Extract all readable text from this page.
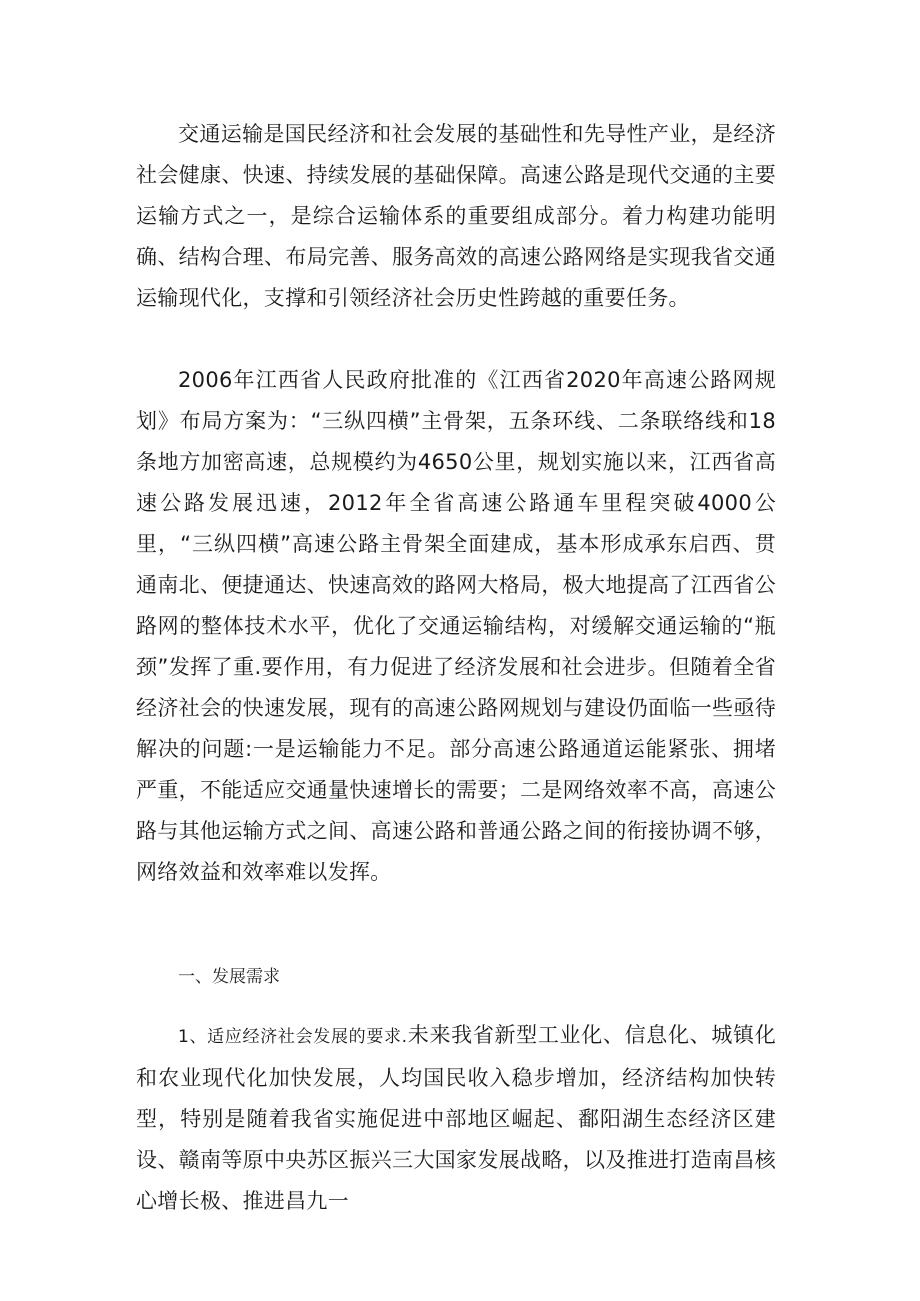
交通运输是国民经济和社会发展的基础性和先导性产业，是经济社会健康、快速、持续发展的基础保障。高速公路是现代交通的主要运输方式之一，是综合运输体系的重要组成部分。着力构建功能明确、结构合理、布局完善、服务高效的高速公路网络是实现我省交通运输现代化，支撑和引领经济社会历史性跨越的重要任务。

2006年江西省人民政府批准的《江西省2020年高速公路网规划》布局方案为：“三纵四横”主骨架，五条环线、二条联络线和18条地方加密高速，总规模约为4650公里，规划实施以来，江西省高速公路发展迅速，2012年全省高速公路通车里程突破4000公里，“三纵四横”高速公路主骨架全面建成，基本形成承东启西、贯通南北、便捷通达、快速高效的路网大格局，极大地提高了江西省公路网的整体技术水平，优化了交通运输结构，对缓解交通运输的“瓶颈”发挥了重.要作用，有力促进了经济发展和社会进步。但随着全省经济社会的快速发展，现有的高速公路网规划与建设仍面临一些亟待解决的问题:一是运输能力不足。部分高速公路通道运能紧张、拥堵严重，不能适应交通量快速增长的需要；二是网络效率不高，高速公路与其他运输方式之间、高速公路和普通公路之间的衔接协调不够，网络效益和效率难以发挥。

一、发展需求

1、适应经济社会发展的要求.未来我省新型工业化、信息化、城镇化和农业现代化加快发展，人均国民收入稳步增加，经济结构加快转型，特别是随着我省实施促进中部地区崛起、鄱阳湖生态经济区建设、赣南等原中央苏区振兴三大国家发展战略，以及推进打造南昌核心增长极、推进昌九一
